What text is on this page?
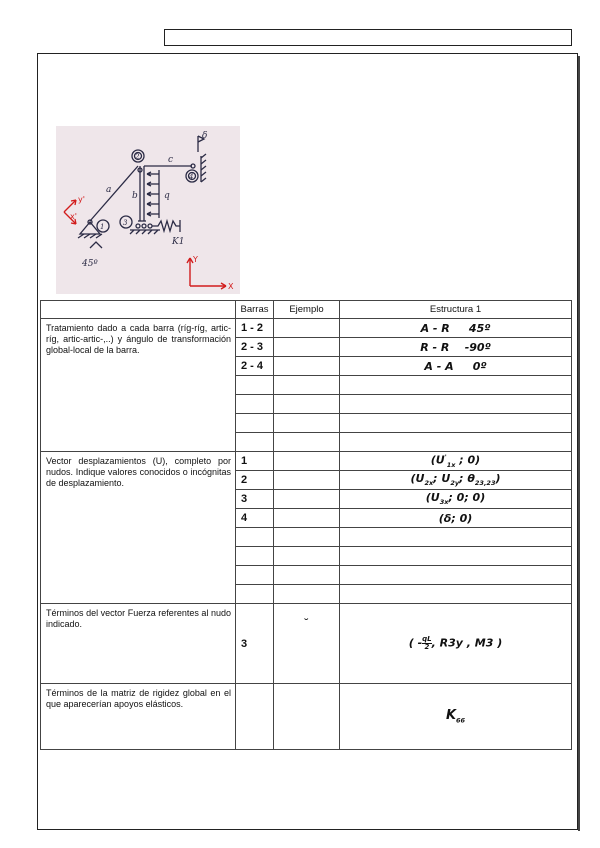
y'
x'
2
4
1	3
a
b
c
q
K1
45º
δ
Y
X
	Barras	Ejemplo	Estructura 1
Tratamiento dado a cada barra (ríg-ríg, artic-ríg, artic-artic-,..) y ángulo de transformación global-local de la barra.	1 - 2		A - R     45º
	2 - 3		R - R    -90º
	2 - 4		A - A     0º

Vector desplazamientos (U), completo por nudos. Indique valores conocidos o incógnitas de desplazamiento.	1		($U'_{1x}$ ; 0)
	2		($U_{2x}$; $U_{2y}$; $\theta_{23,23}$)
	3		($U_{3x}$; 0; 0)
	4		(δ; 0)

Términos del vector Fuerza referentes al nudo indicado.	3	˘	( - $\frac{qL}{2}$ , R3y , M3 )
Términos de la matriz de rigidez global en el que aparecerían apoyos elásticos.			$K_{66}$
